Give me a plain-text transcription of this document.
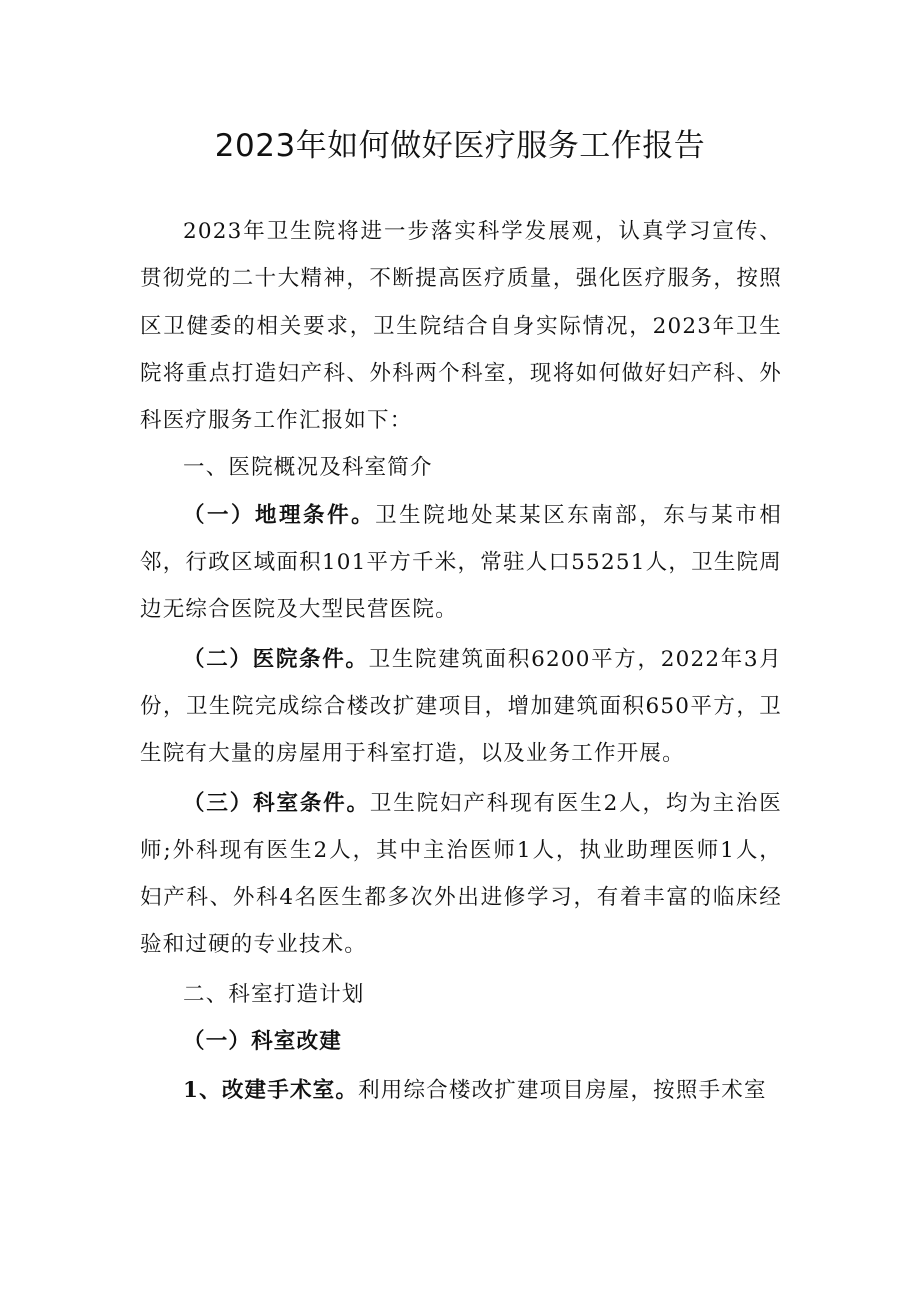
2023年如何做好医疗服务工作报告

2023年卫生院将进一步落实科学发展观，认真学习宣传、贯彻党的二十大精神，不断提高医疗质量，强化医疗服务，按照区卫健委的相关要求，卫生院结合自身实际情况，2023年卫生院将重点打造妇产科、外科两个科室，现将如何做好妇产科、外科医疗服务工作汇报如下：

一、医院概况及科室简介

（一）地理条件。卫生院地处某某区东南部，东与某市相邻，行政区域面积101平方千米，常驻人口55251人，卫生院周边无综合医院及大型民营医院。

（二）医院条件。卫生院建筑面积6200平方，2022年3月份，卫生院完成综合楼改扩建项目，增加建筑面积650平方，卫生院有大量的房屋用于科室打造，以及业务工作开展。

（三）科室条件。卫生院妇产科现有医生2人，均为主治医师;外科现有医生2人，其中主治医师1人，执业助理医师1人，妇产科、外科4名医生都多次外出进修学习，有着丰富的临床经验和过硬的专业技术。

二、科室打造计划

（一）科室改建

1、改建手术室。利用综合楼改扩建项目房屋，按照手术室
